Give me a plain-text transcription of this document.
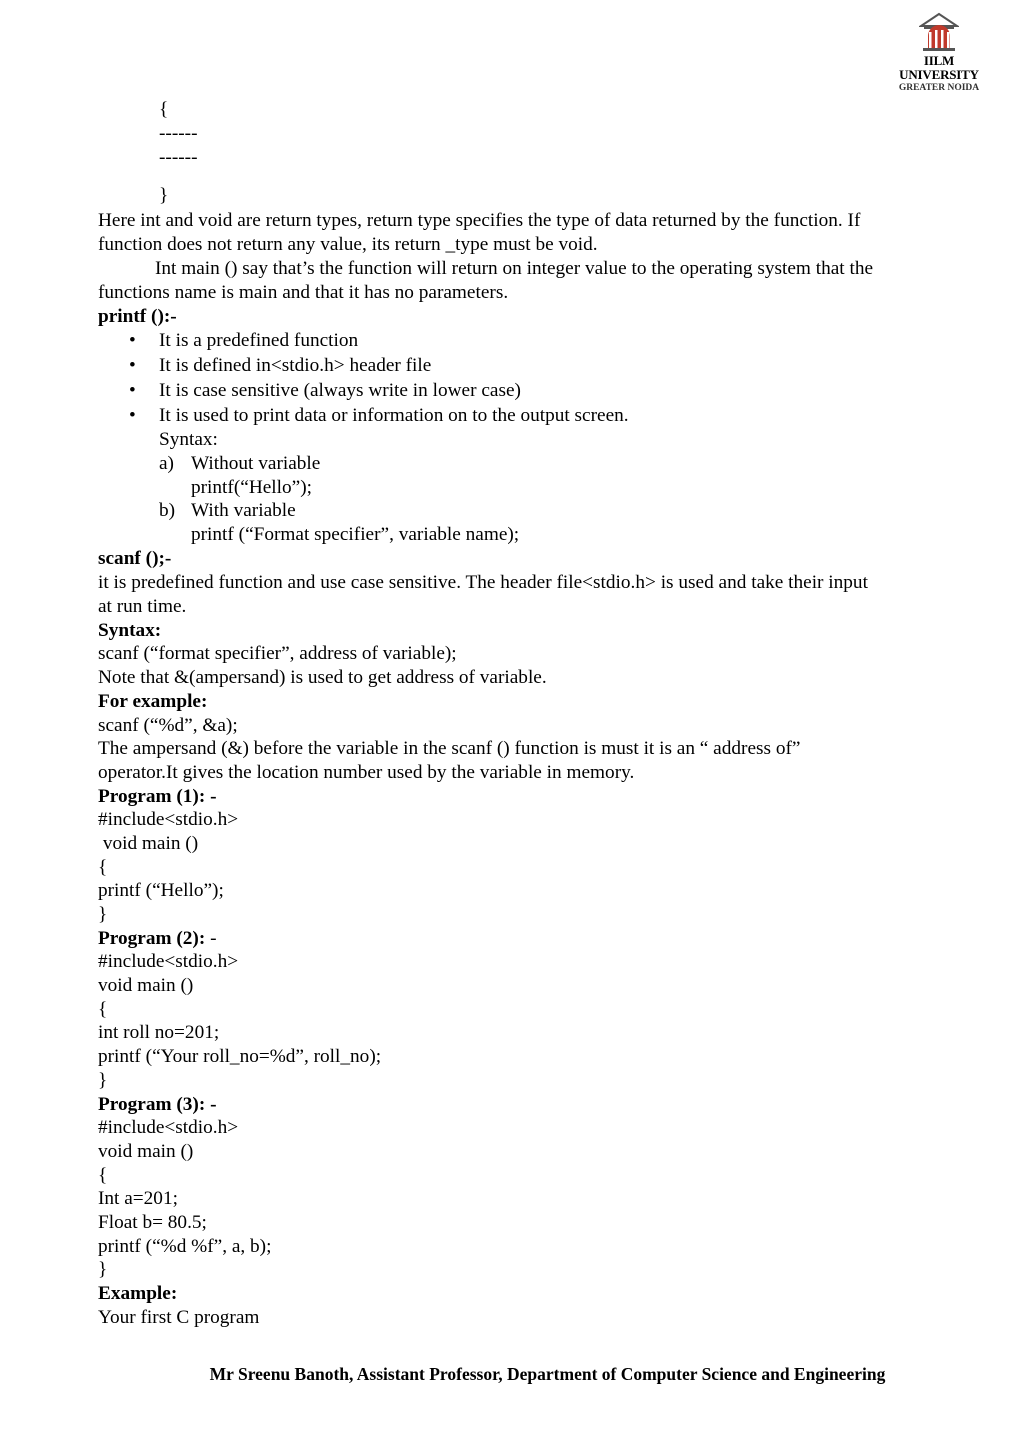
IILM UNIVERSITY
GREATER NOIDA
{
------
------
}
Here int and void are return types, return type specifies the type of data returned by the function. If
function does not return any value, its return _type must be void.
Int main () say that’s the function will return on integer value to the operating system that the
functions name is main and that it has no parameters.
printf ():-
• It is a predefined function
• It is defined in<stdio.h> header file
• It is case sensitive (always write in lower case)
• It is used to print data or information on to the output screen.
Syntax:
a) Without variable
printf(“Hello”);
b) With variable
printf (“Format specifier”, variable name);
scanf ();-
it is predefined function and use case sensitive. The header file<stdio.h> is used and take their input
at run time.
Syntax:
scanf (“format specifier”, address of variable);
Note that &(ampersand) is used to get address of variable.
For example:
scanf (“%d”, &a);
The ampersand (&) before the variable in the scanf () function is must it is an “ address of”
operator.It gives the location number used by the variable in memory.
Program (1): -
#include<stdio.h>
void main ()
{
printf (“Hello”);
}
Program (2): -
#include<stdio.h>
void main ()
{
int roll no=201;
printf (“Your roll_no=%d”, roll_no);
}
Program (3): -
#include<stdio.h>
void main ()
{
Int a=201;
Float b= 80.5;
printf (“%d %f”, a, b);
}
Example:
Your first C program
Mr Sreenu Banoth, Assistant Professor, Department of Computer Science and Engineering
